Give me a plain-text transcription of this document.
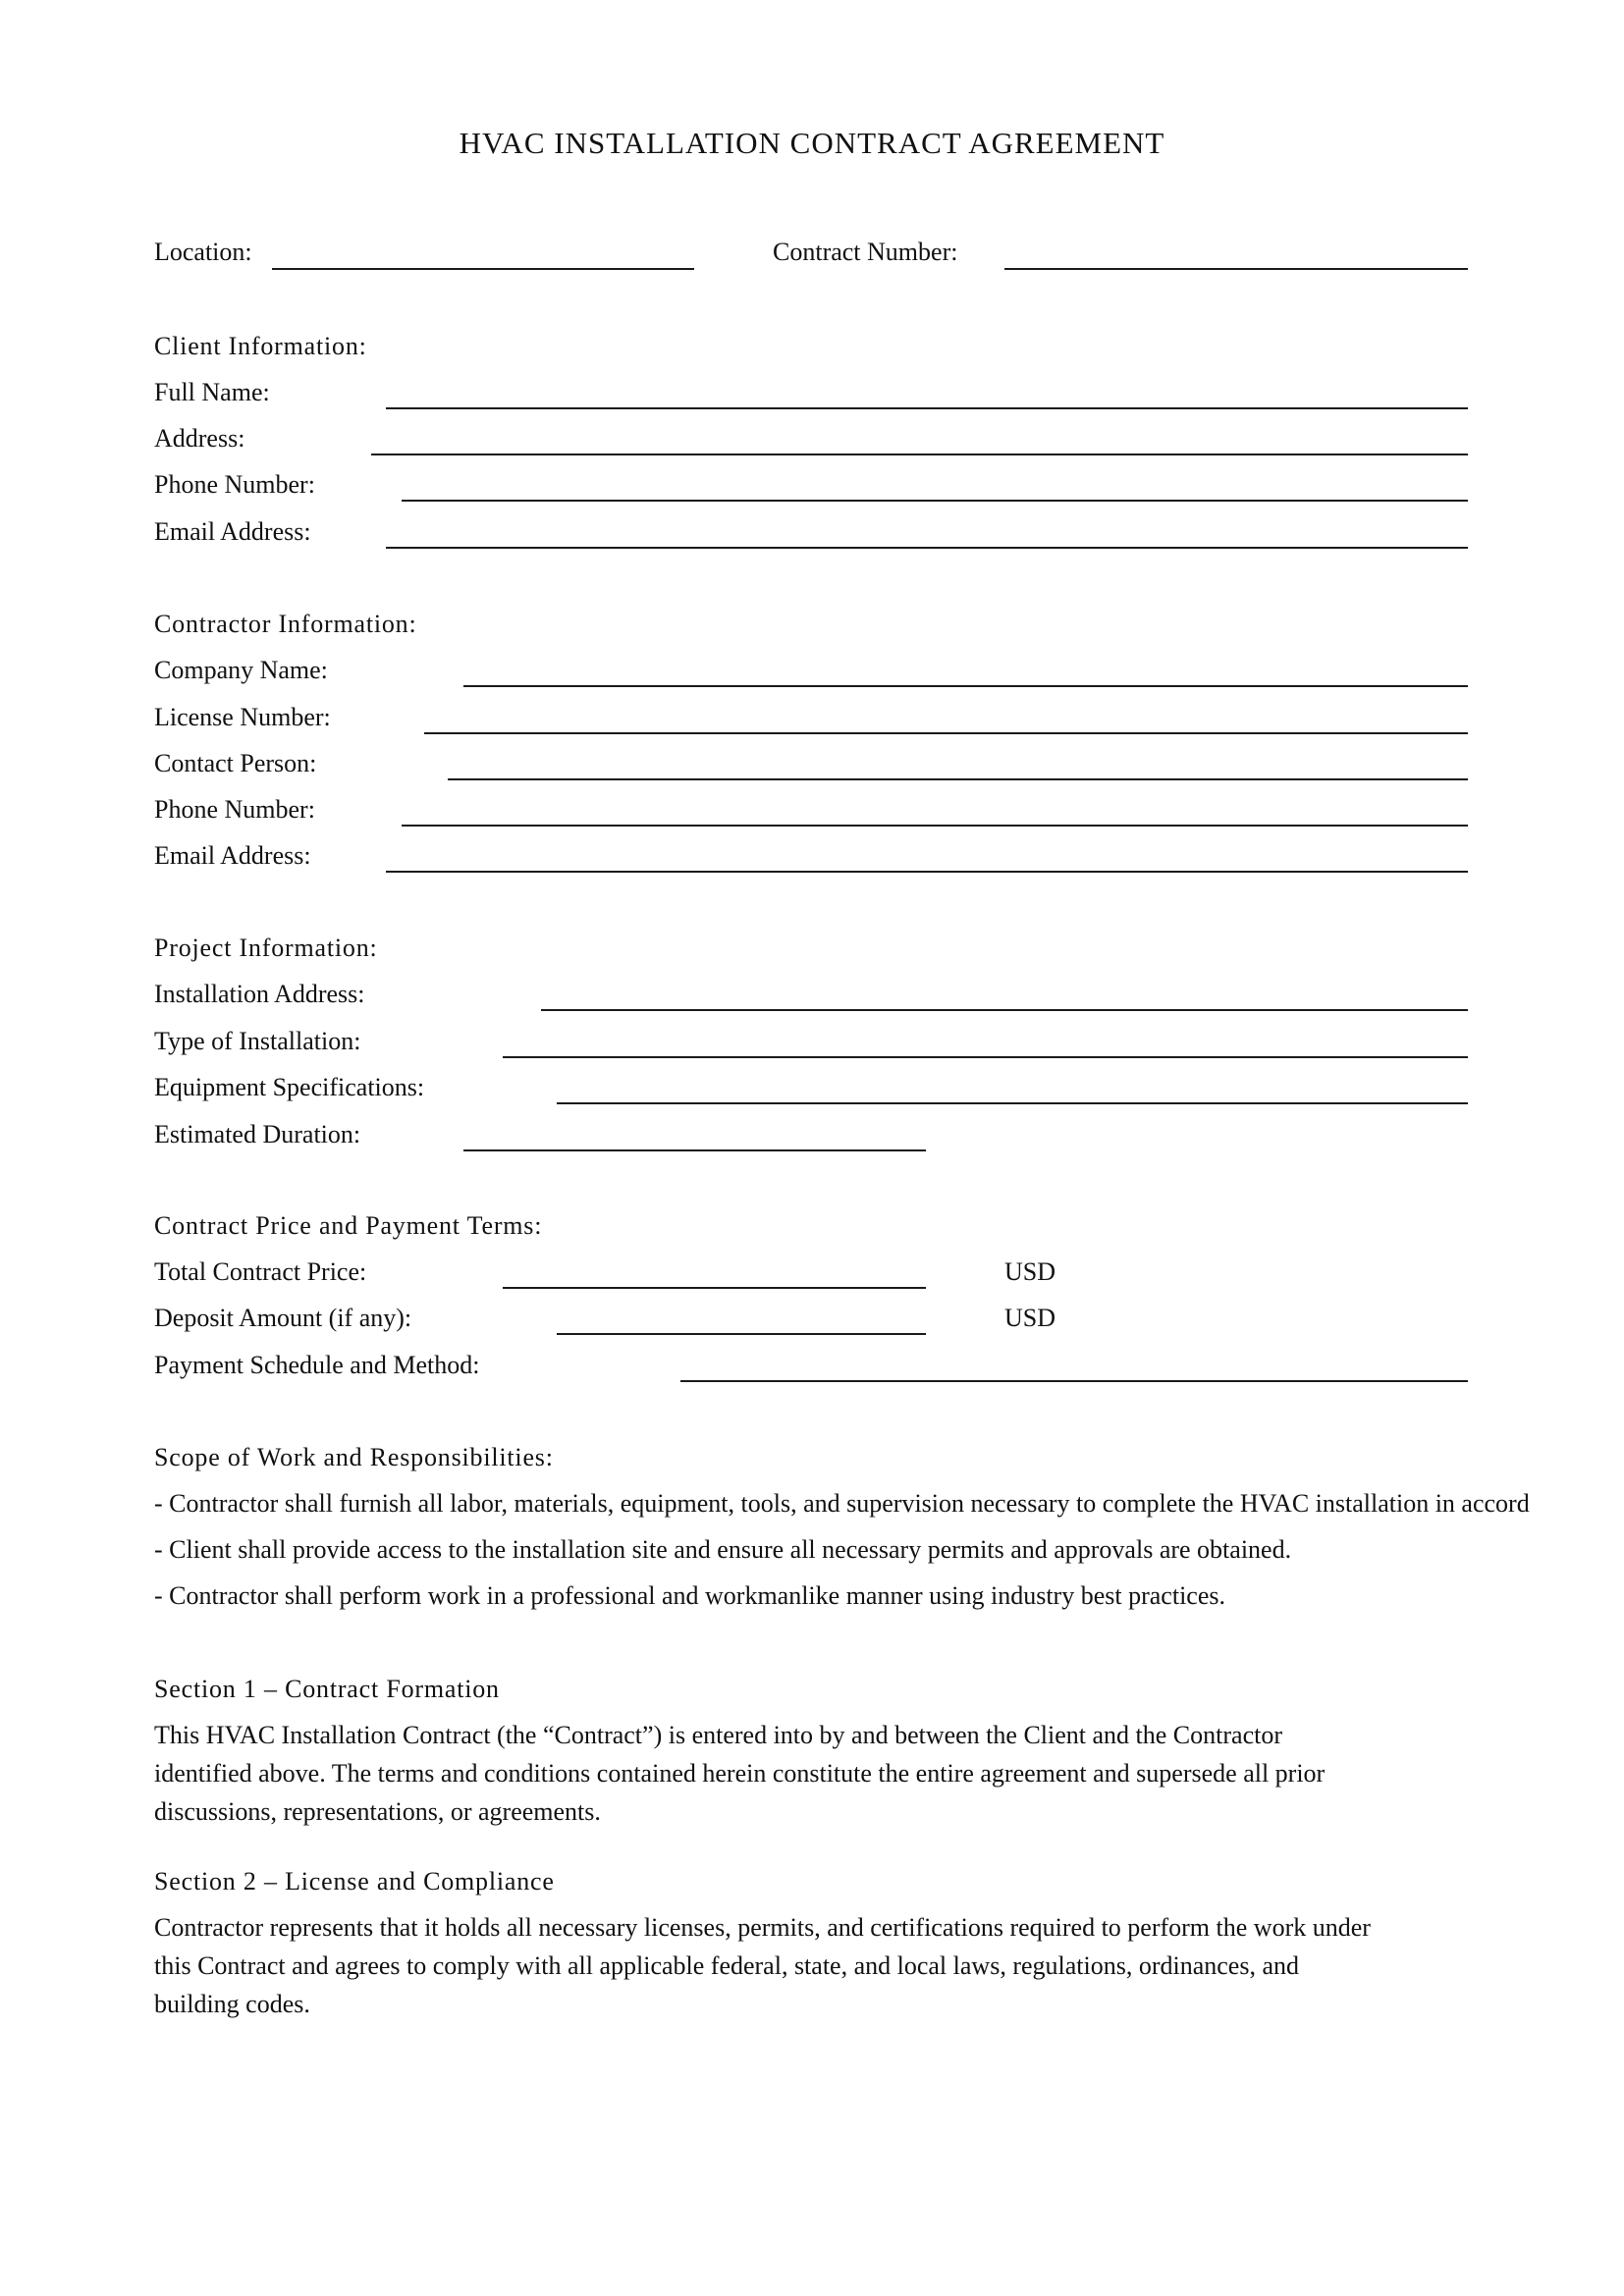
HVAC INSTALLATION CONTRACT AGREEMENT
Location:	Contract Number:
Client Information:
Full Name:
Address:
Phone Number:
Email Address:
Contractor Information:
Company Name:
License Number:
Contact Person:
Phone Number:
Email Address:
Project Information:
Installation Address:
Type of Installation:
Equipment Specifications:
Estimated Duration:
Contract Price and Payment Terms:
Total Contract Price:	USD
Deposit Amount (if any):	USD
Payment Schedule and Method:
Scope of Work and Responsibilities:
- Contractor shall furnish all labor, materials, equipment, tools, and supervision necessary to complete the HVAC installation in accord
- Client shall provide access to the installation site and ensure all necessary permits and approvals are obtained.
- Contractor shall perform work in a professional and workmanlike manner using industry best practices.
Section 1 – Contract Formation
This HVAC Installation Contract (the “Contract”) is entered into by and between the Client and the Contractor
identified above. The terms and conditions contained herein constitute the entire agreement and supersede all prior
discussions, representations, or agreements.
Section 2 – License and Compliance
Contractor represents that it holds all necessary licenses, permits, and certifications required to perform the work under
this Contract and agrees to comply with all applicable federal, state, and local laws, regulations, ordinances, and
building codes.
